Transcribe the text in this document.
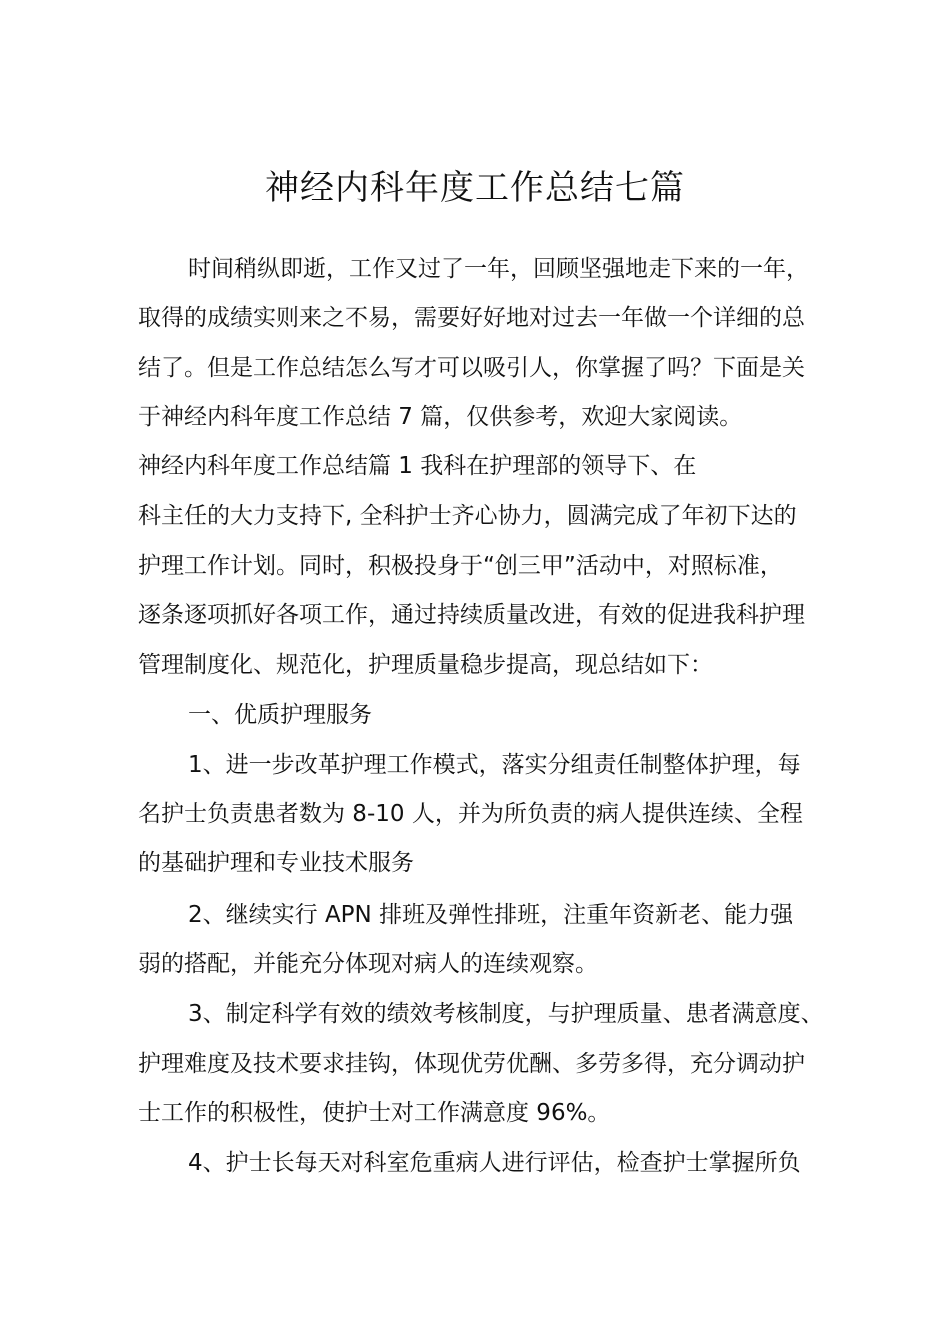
神经内科年度工作总结七篇

时间稍纵即逝，工作又过了一年，回顾坚强地走下来的一年，

取得的成绩实则来之不易，需要好好地对过去一年做一个详细的总

结了。但是工作总结怎么写才可以吸引人，你掌握了吗？下面是关

于神经内科年度工作总结 7 篇，仅供参考，欢迎大家阅读。

神经内科年度工作总结篇 1 我科在护理部的领导下、在

科主任的大力支持下, 全科护士齐心协力，圆满完成了年初下达的

护理工作计划。同时，积极投身于“创三甲”活动中，对照标准，

逐条逐项抓好各项工作，通过持续质量改进，有效的促进我科护理

管理制度化、规范化，护理质量稳步提高，现总结如下：

一、优质护理服务

1、进一步改革护理工作模式，落实分组责任制整体护理，每

名护士负责患者数为 8-10 人，并为所负责的病人提供连续、全程

的基础护理和专业技术服务

2、继续实行 APN 排班及弹性排班，注重年资新老、能力强

弱的搭配，并能充分体现对病人的连续观察。

3、制定科学有效的绩效考核制度，与护理质量、患者满意度、

护理难度及技术要求挂钩，体现优劳优酬、多劳多得，充分调动护

士工作的积极性，使护士对工作满意度 96%。

4、护士长每天对科室危重病人进行评估，检查护士掌握所负
